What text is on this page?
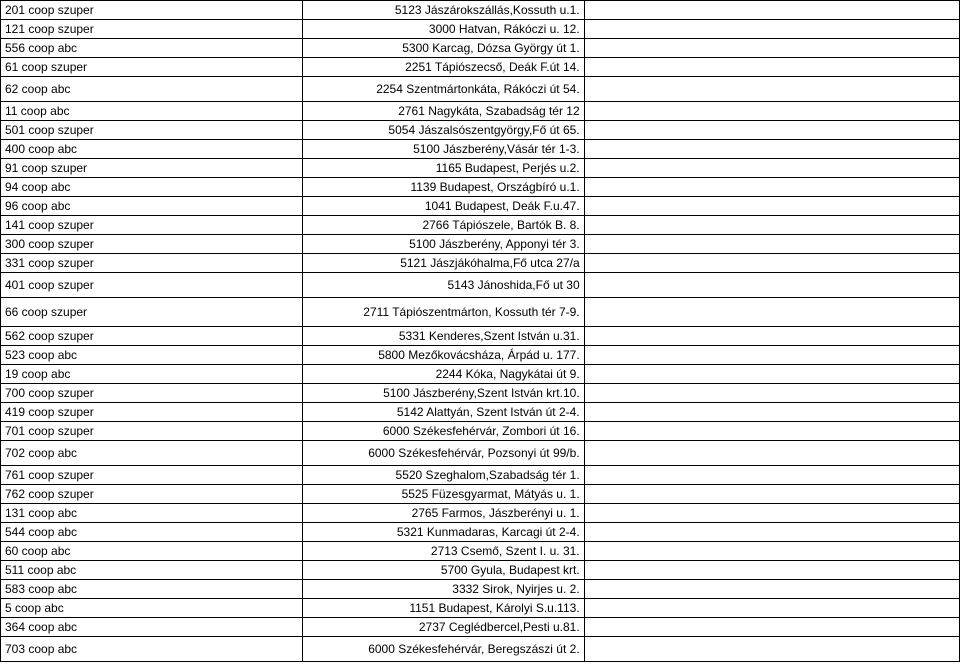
201 coop szuper	5123 Jászárokszállás,Kossuth u.1.	
121 coop szuper	3000 Hatvan, Rákóczi u. 12.	
556 coop abc	5300 Karcag, Dózsa György út 1.	
61 coop szuper	2251 Tápiószecső, Deák F.út 14.	
62 coop abc	2254 Szentmártonkáta, Rákóczi út 54.	
11 coop abc	2761 Nagykáta, Szabadság tér 12	
501 coop szuper	5054 Jászalsószentgyörgy,Fő út 65.	
400 coop abc	5100 Jászberény,Vásár tér 1-3.	
91 coop szuper	1165 Budapest, Perjés u.2.	
94 coop abc	1139 Budapest, Országbíró u.1.	
96 coop abc	1041 Budapest, Deák F.u.47.	
141 coop szuper	2766 Tápiószele, Bartók B. 8.	
300 coop szuper	5100 Jászberény, Apponyi tér 3.	
331 coop szuper	5121 Jászjákóhalma,Fő utca 27/a	
401 coop szuper	5143 Jánoshida,Fő ut 30	
66 coop szuper	2711 Tápiószentmárton, Kossuth tér 7-9.	
562 coop szuper	5331 Kenderes,Szent István u.31.	
523 coop abc	5800 Mezőkovácsháza, Árpád u. 177.	
19 coop abc	2244 Kóka, Nagykátai út 9.	
700 coop szuper	5100 Jászberény,Szent István krt.10.	
419 coop szuper	5142 Alattyán, Szent István út 2-4.	
701 coop szuper	6000 Székesfehérvár, Zombori út 16.	
702 coop abc	6000 Székesfehérvár, Pozsonyi út 99/b.	
761 coop szuper	5520 Szeghalom,Szabadság tér 1.	
762 coop szuper	5525 Füzesgyarmat, Mátyás u. 1.	
131 coop abc	2765 Farmos, Jászberényi u. 1.	
544 coop abc	5321 Kunmadaras, Karcagi út 2-4.	
60 coop abc	2713 Csemő, Szent I. u. 31.	
511 coop abc	5700 Gyula, Budapest krt.	
583 coop abc	3332 Sirok, Nyirjes u. 2.	
5 coop abc	1151 Budapest, Károlyi S.u.113.	
364 coop abc	2737 Ceglédbercel,Pesti u.81.	
703 coop abc	6000 Székesfehérvár, Beregszászi út 2.	
